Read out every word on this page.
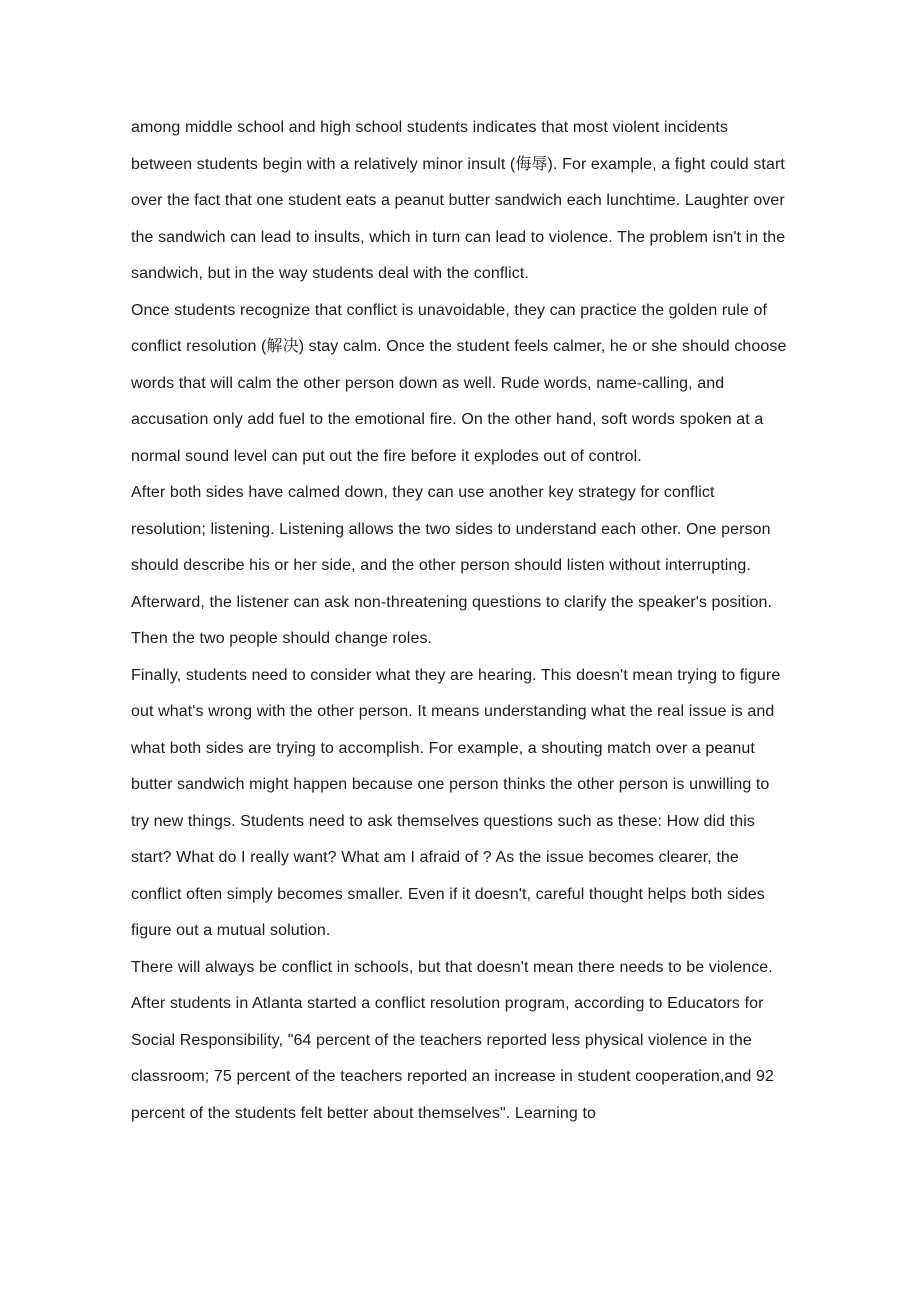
among middle school and high school students indicates that most violent incidents between students begin with a relatively minor insult (侮辱). For example, a fight could start over the fact that one student eats a peanut butter sandwich each lunchtime. Laughter over the sandwich can lead to insults, which in turn can lead to violence. The problem isn't in the sandwich, but in the way students deal with the conflict.

Once students recognize that conflict is unavoidable, they can practice the golden rule of conflict resolution (解决) stay calm. Once the student feels calmer, he or she should choose words that will calm the other person down as well. Rude words, name-calling, and accusation only add fuel to the emotional fire. On the other hand, soft words spoken at a normal sound level can put out the fire before it explodes out of control.

After both sides have calmed down, they can use another key strategy for conflict resolution; listening. Listening allows the two sides to understand each other. One person should describe his or her side, and the other person should listen without interrupting. Afterward, the listener can ask non-threatening questions to clarify the speaker's position. Then the two people should change roles.

Finally, students need to consider what they are hearing. This doesn't mean trying to figure out what's wrong with the other person. It means understanding what the real issue is and what both sides are trying to accomplish. For example, a shouting match over a peanut butter sandwich might happen because one person thinks the other person is unwilling to try new things. Students need to ask themselves questions such as these: How did this start? What do I really want? What am I afraid of ? As the issue becomes clearer, the conflict often simply becomes smaller. Even if it doesn't, careful thought helps both sides figure out a mutual solution.

There will always be conflict in schools, but that doesn't mean there needs to be violence. After students in Atlanta started a conflict resolution program, according to Educators for Social Responsibility, "64 percent of the teachers reported less physical violence in the classroom; 75 percent of the teachers reported an increase in student cooperation,and 92 percent of the students felt better about themselves". Learning to
